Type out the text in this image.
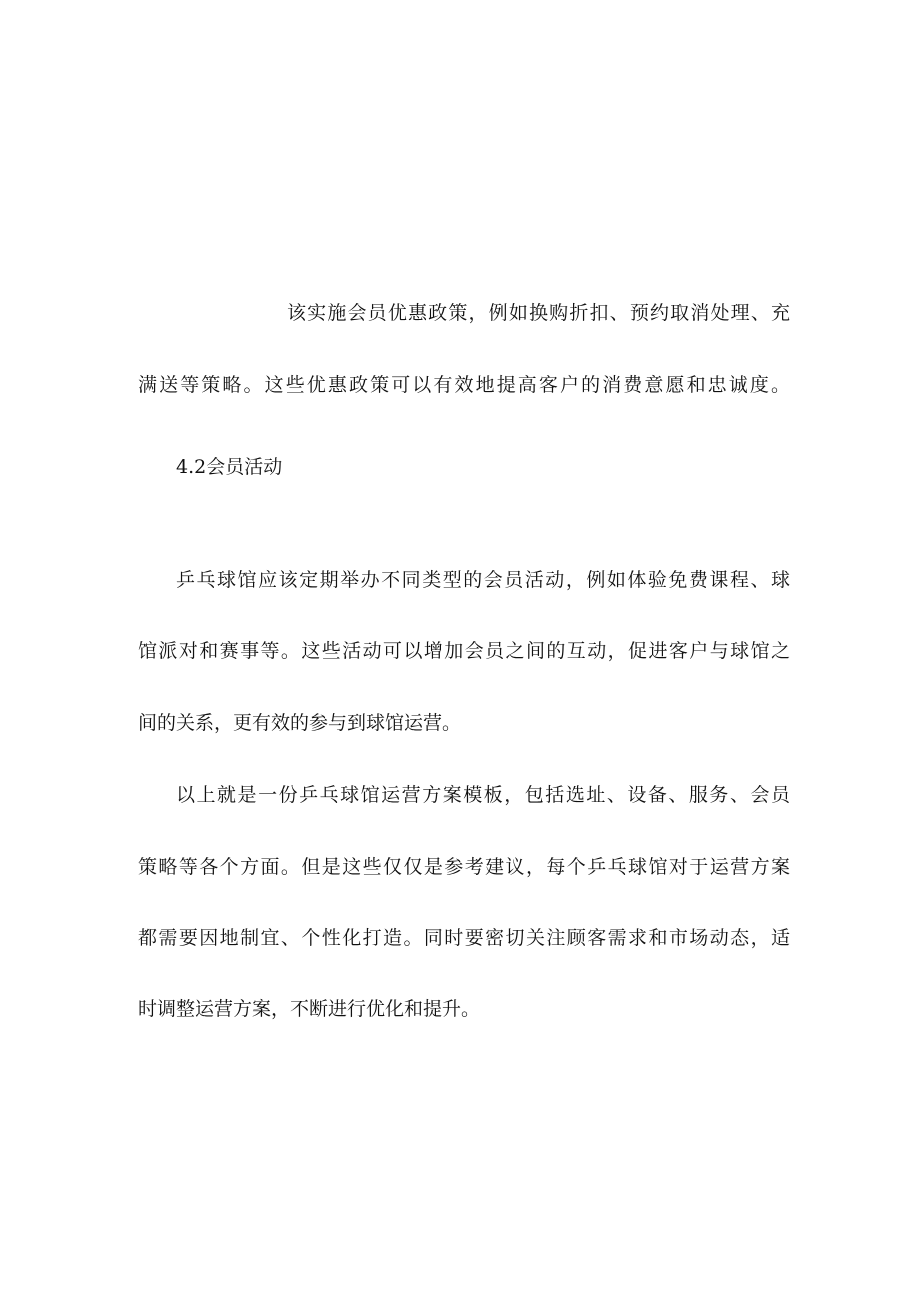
该实施会员优惠政策，例如换购折扣、预约取消处理、充
满送等策略。这些优惠政策可以有效地提高客户的消费意愿和忠诚度。
4.2会员活动
乒乓球馆应该定期举办不同类型的会员活动，例如体验免费课程、球
馆派对和赛事等。这些活动可以增加会员之间的互动，促进客户与球馆之
间的关系，更有效的参与到球馆运营。
以上就是一份乒乓球馆运营方案模板，包括选址、设备、服务、会员
策略等各个方面。但是这些仅仅是参考建议，每个乒乓球馆对于运营方案
都需要因地制宜、个性化打造。同时要密切关注顾客需求和市场动态，适
时调整运营方案，不断进行优化和提升。
